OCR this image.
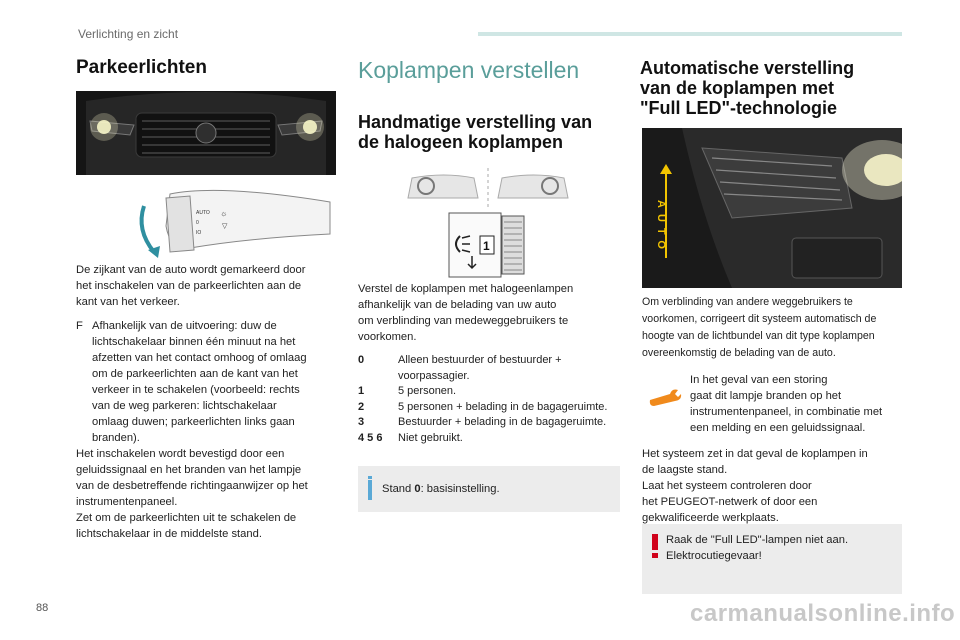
Verlichting en zicht
Parkeerlichten
AUTO
0
IO
☼
▽

De zijkant van de auto wordt gemarkeerd door

het inschakelen van de parkeerlichten aan de

kant van het verkeer.

F Afhankelijk van de uitvoering: duw de

lichtschakelaar binnen één minuut na het

afzetten van het contact omhoog of omlaag

om de parkeerlichten aan de kant van het

verkeer in te schakelen (voorbeeld: rechts

van de weg parkeren: lichtschakelaar

omlaag duwen; parkeerlichten links gaan

branden).

Het inschakelen wordt bevestigd door een

geluidssignaal en het branden van het lampje

van de desbetreffende richtingaanwijzer op het

instrumentenpaneel.

Zet om de parkeerlichten uit te schakelen de

lichtschakelaar in de middelste stand.

Koplampen verstellen
Handmatige verstelling van
de halogeen koplampen
1

Verstel de koplampen met halogeenlampen

afhankelijk van de belading van uw auto

om verblinding van medeweggebruikers te

voorkomen.

0	Alleen bestuurder of bestuurder +
voorpassagier.
1	5 personen.
2	5 personen + belading in de bagageruimte.
3	Bestuurder + belading in de bagageruimte.
4 5 6	Niet gebruikt.
Stand 0: basisinstelling.
Automatische verstelling
van de koplampen met
"Full LED"-technologie
AUTO

Om verblinding van andere weggebruikers te

voorkomen, corrigeert dit systeem automatisch de

hoogte van de lichtbundel van dit type koplampen

overeenkomstig de belading van de auto.

In het geval van een storing

gaat dit lampje branden op het

instrumentenpaneel, in combinatie met

een melding en een geluidssignaal.

Het systeem zet in dat geval de koplampen in

de laagste stand.

Laat het systeem controleren door

het PEUGEOT-netwerk of door een

gekwalificeerde werkplaats.

Raak de "Full LED"-lampen niet aan.

Elektrocutiegevaar!

88	carmanualsonline.info
